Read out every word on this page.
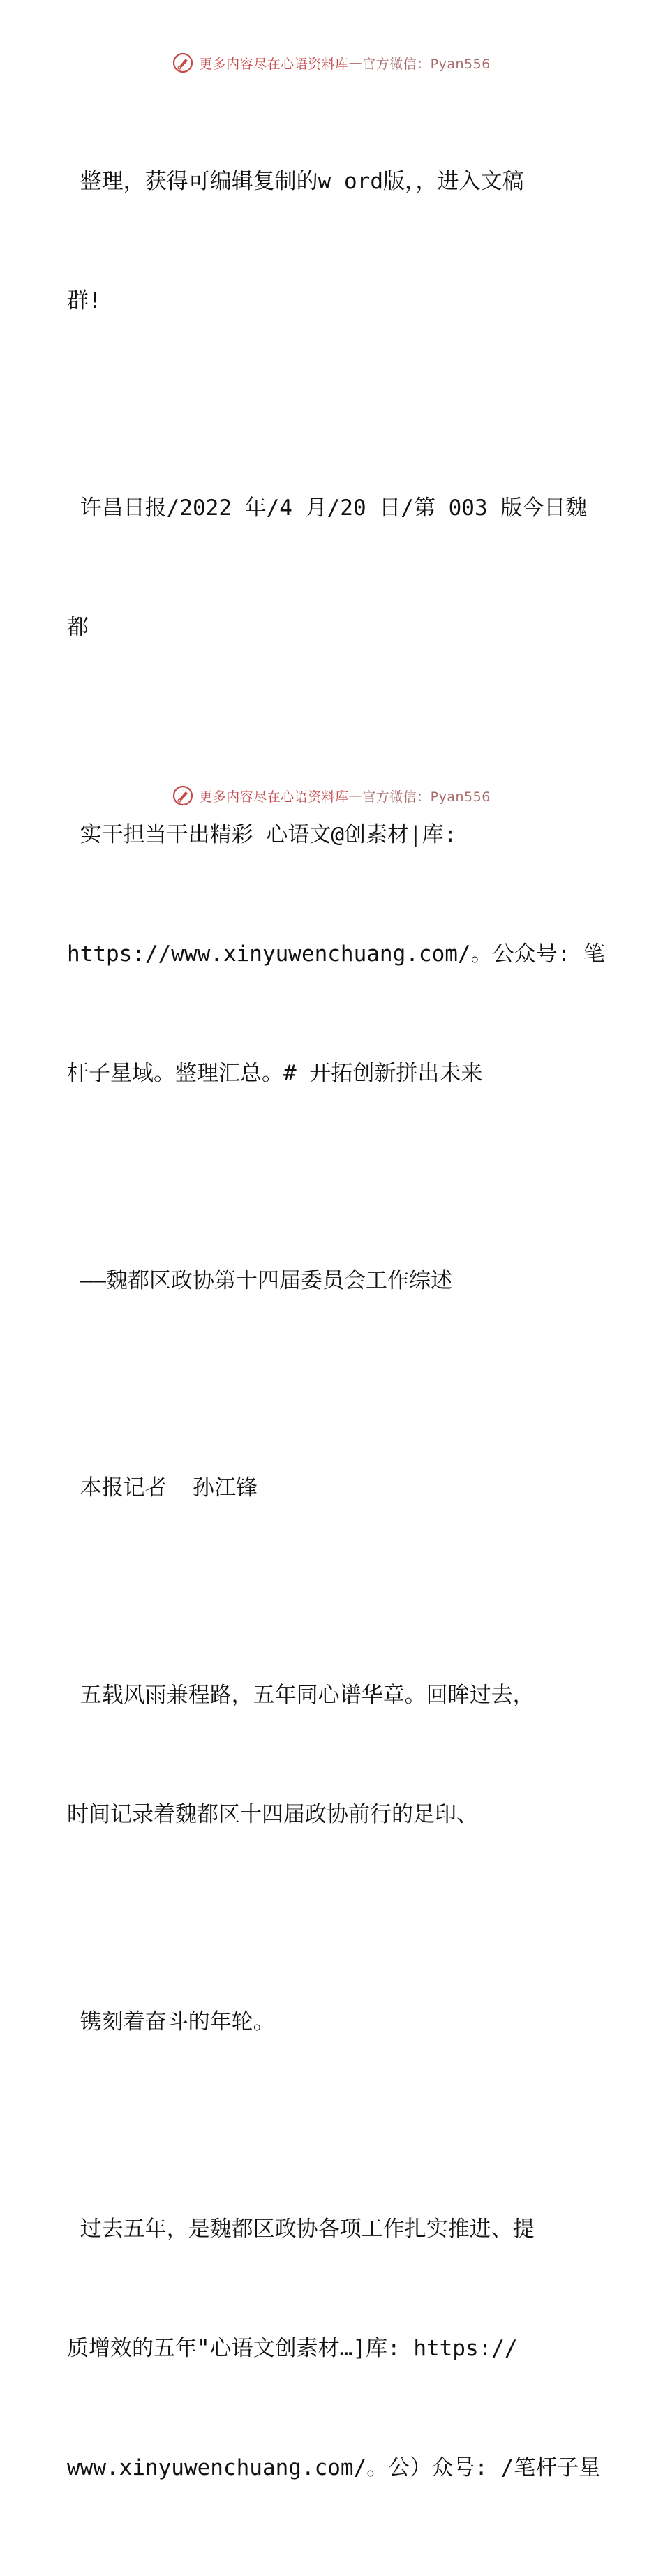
更多内容尽在心语资料库 — 官方微信：Pyan556

整理，获得可编辑复制的w ord版，，进入文稿

群!

许昌日报/2022 年/4 月/20 日/第 003 版今日魏

都

实干担当干出精彩 心语文@创素材|库:

https://www.xinyuwenchuang.com/。公众号: 笔

杆子星域。整理汇总。# 开拓创新拼出未来

——魏都区政协第十四届委员会工作综述

本报记者  孙江锋

五载风雨兼程路，五年同心谱华章。回眸过去，

时间记录着魏都区十四届政协前行的足印、

镌刻着奋斗的年轮。

过去五年，是魏都区政协各项工作扎实推进、提

质增效的五年"心语文创素材…]库: https://

www.xinyuwenchuang.com/。公）众号: /笔杆子星

更多内容尽在心语资料库 — 官方微信：Pyan556
